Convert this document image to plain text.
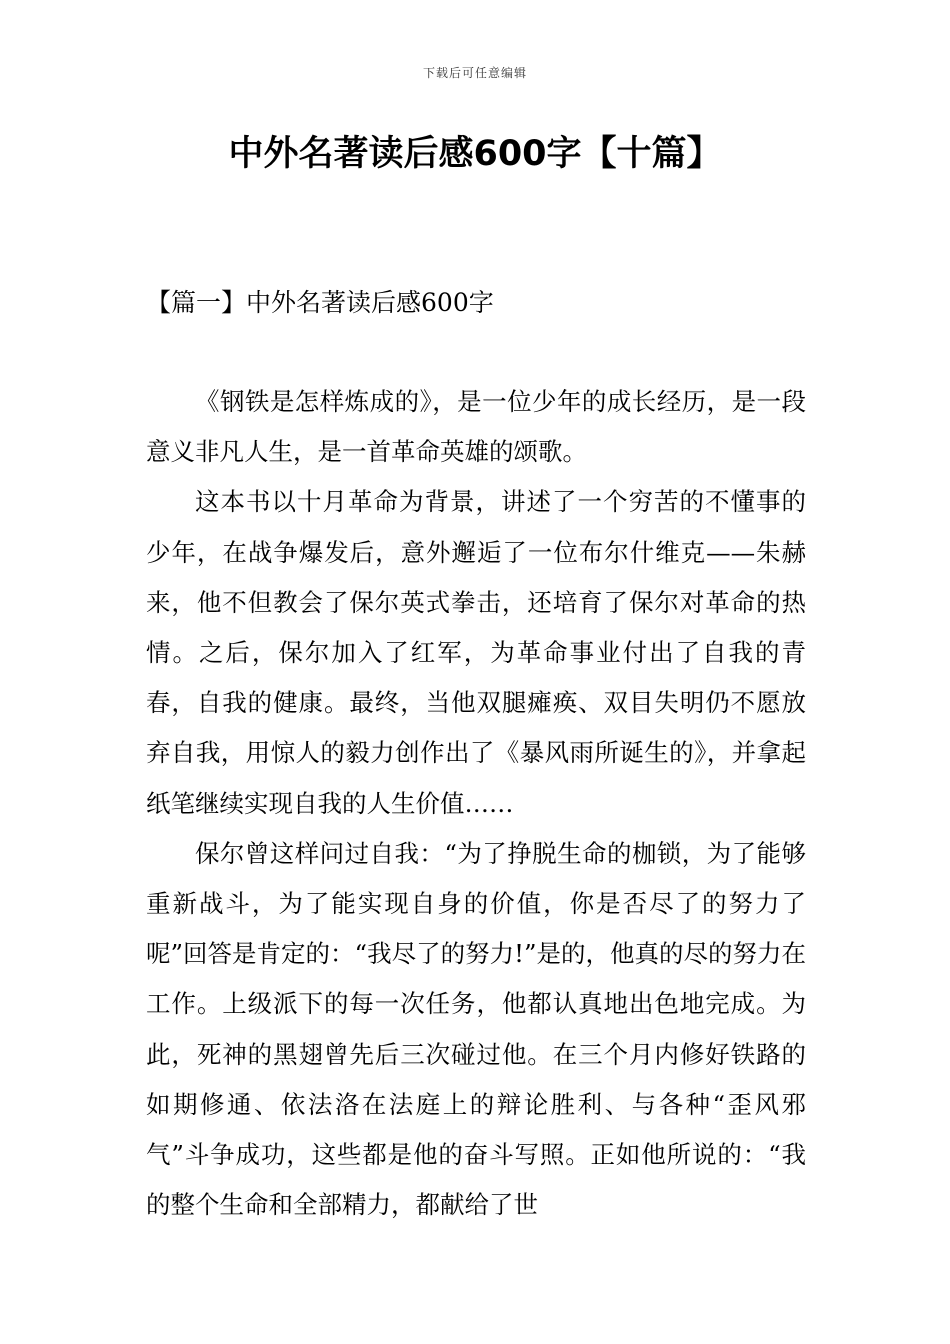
下载后可任意编辑
中外名著读后感600字【十篇】
【篇一】中外名著读后感600字

《钢铁是怎样炼成的》，是一位少年的成长经历，是一段意义非凡人生，是一首革命英雄的颂歌。

这本书以十月革命为背景，讲述了一个穷苦的不懂事的少年，在战争爆发后，意外邂逅了一位布尔什维克——朱赫来，他不但教会了保尔英式拳击，还培育了保尔对革命的热情。之后，保尔加入了红军，为革命事业付出了自我的青春，自我的健康。最终，当他双腿瘫痪、双目失明仍不愿放弃自我，用惊人的毅力创作出了《暴风雨所诞生的》，并拿起纸笔继续实现自我的人生价值……

保尔曾这样问过自我：“为了挣脱生命的枷锁，为了能够重新战斗，为了能实现自身的价值，你是否尽了的努力了呢”回答是肯定的：“我尽了的努力!”是的，他真的尽的努力在工作。上级派下的每一次任务，他都认真地出色地完成。为此，死神的黑翅曾先后三次碰过他。在三个月内修好铁路的如期修通、依法洛在法庭上的辩论胜利、与各种“歪风邪气”斗争成功，这些都是他的奋斗写照。正如他所说的：“我的整个生命和全部精力，都献给了世
